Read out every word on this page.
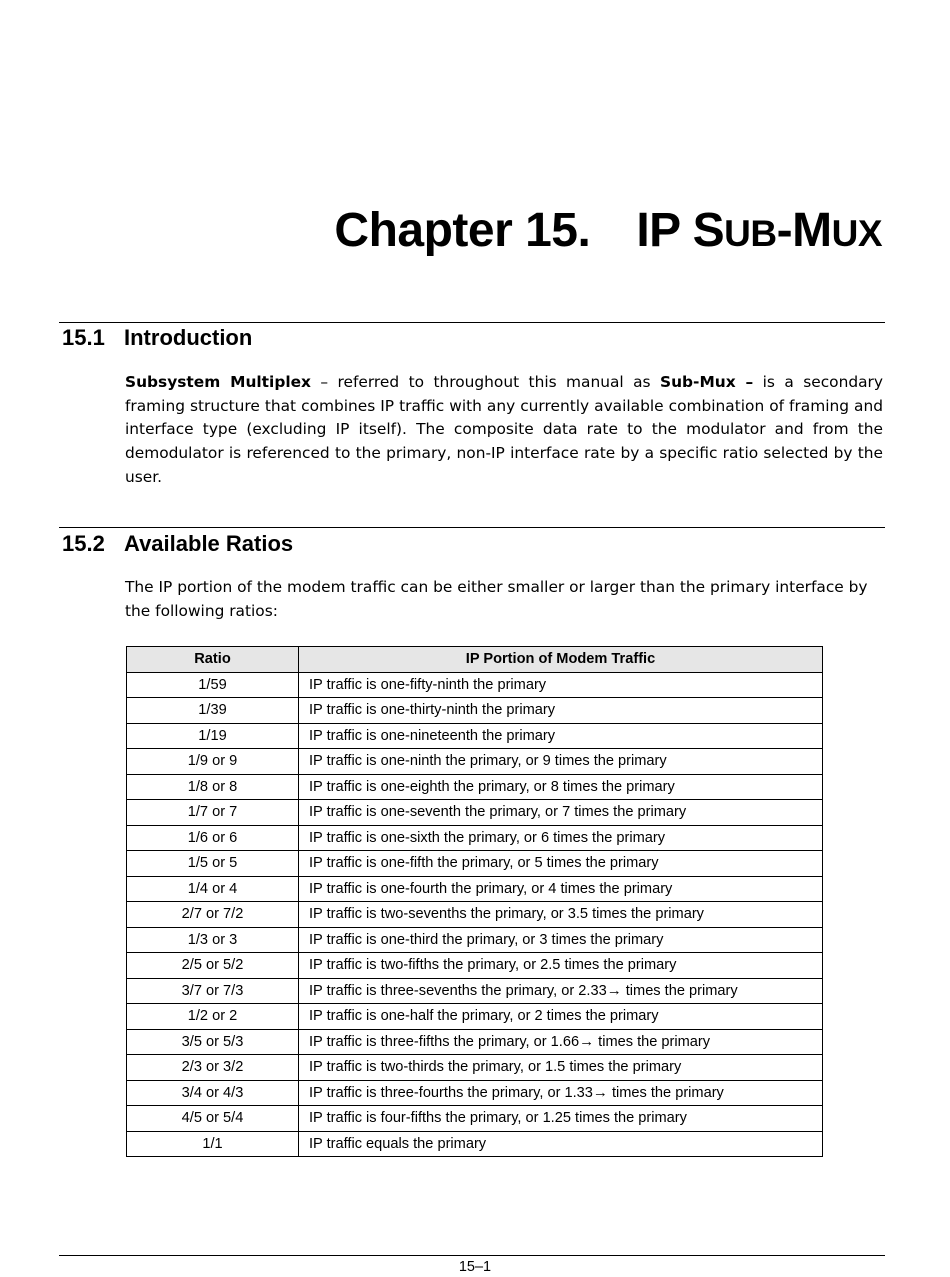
Chapter 15. IP SUB-MUX
15.1 Introduction

Subsystem Multiplex – referred to throughout this manual as Sub-Mux – is a secondary framing structure that combines IP traffic with any currently available combination of framing and interface type (excluding IP itself). The composite data rate to the modulator and from the demodulator is referenced to the primary, non-IP interface rate by a specific ratio selected by the user.

15.2 Available Ratios

The IP portion of the modem traffic can be either smaller or larger than the primary interface by the following ratios:

Ratio	IP Portion of Modem Traffic
1/59	IP traffic is one-fifty-ninth the primary
1/39	IP traffic is one-thirty-ninth the primary
1/19	IP traffic is one-nineteenth the primary
1/9 or 9	IP traffic is one-ninth the primary, or 9 times the primary
1/8 or 8	IP traffic is one-eighth the primary, or 8 times the primary
1/7 or 7	IP traffic is one-seventh the primary, or 7 times the primary
1/6 or 6	IP traffic is one-sixth the primary, or 6 times the primary
1/5 or 5	IP traffic is one-fifth the primary, or 5 times the primary
1/4 or 4	IP traffic is one-fourth the primary, or 4 times the primary
2/7 or 7/2	IP traffic is two-sevenths the primary, or 3.5 times the primary
1/3 or 3	IP traffic is one-third the primary, or 3 times the primary
2/5 or 5/2	IP traffic is two-fifths the primary, or 2.5 times the primary
3/7 or 7/3	IP traffic is three-sevenths the primary, or 2.33→ times the primary
1/2 or 2	IP traffic is one-half the primary, or 2 times the primary
3/5 or 5/3	IP traffic is three-fifths the primary, or 1.66→ times the primary
2/3 or 3/2	IP traffic is two-thirds the primary, or 1.5 times the primary
3/4 or 4/3	IP traffic is three-fourths the primary, or 1.33→ times the primary
4/5 or 5/4	IP traffic is four-fifths the primary, or 1.25 times the primary
1/1	IP traffic equals the primary
15–1
